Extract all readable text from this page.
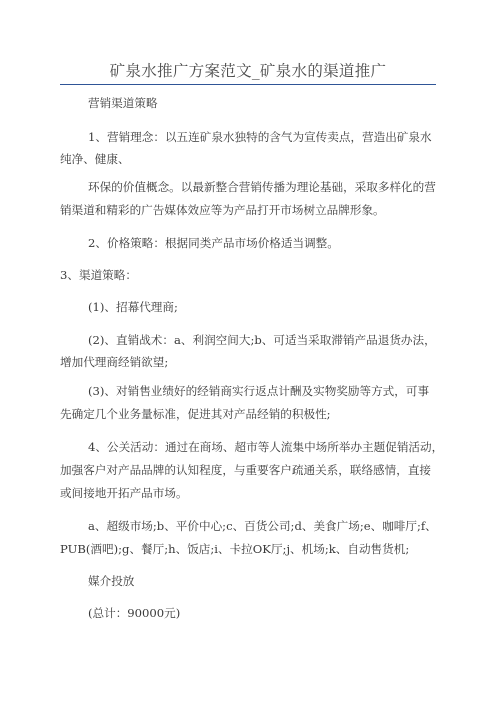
矿泉水推广方案范文_矿泉水的渠道推广
营销渠道策略
1、营销理念：以五连矿泉水独特的含气为宣传卖点，营造出矿泉水
纯净、健康、
环保的价值概念。以最新整合营销传播为理论基础，采取多样化的营
销渠道和精彩的广告媒体效应等为产品打开市场树立品牌形象。
2、价格策略：根据同类产品市场价格适当调整。
3、渠道策略：
(1)、招幕代理商;
(2)、直销战术：a、利润空间大;b、可适当采取滞销产品退货办法，
增加代理商经销欲望;
(3)、对销售业绩好的经销商实行返点计酬及实物奖励等方式，可事
先确定几个业务量标准，促进其对产品经销的积极性;
4、公关活动：通过在商场、超市等人流集中场所举办主题促销活动，
加强客户对产品品牌的认知程度，与重要客户疏通关系，联络感情，直接
或间接地开拓产品市场。
a、超级市场;b、平价中心;c、百货公司;d、美食广场;e、咖啡厅;f、
PUB(酒吧);g、餐厅;h、饭店;i、卡拉OK厅;j、机场;k、自动售货机;
媒介投放
(总计：90000元)
